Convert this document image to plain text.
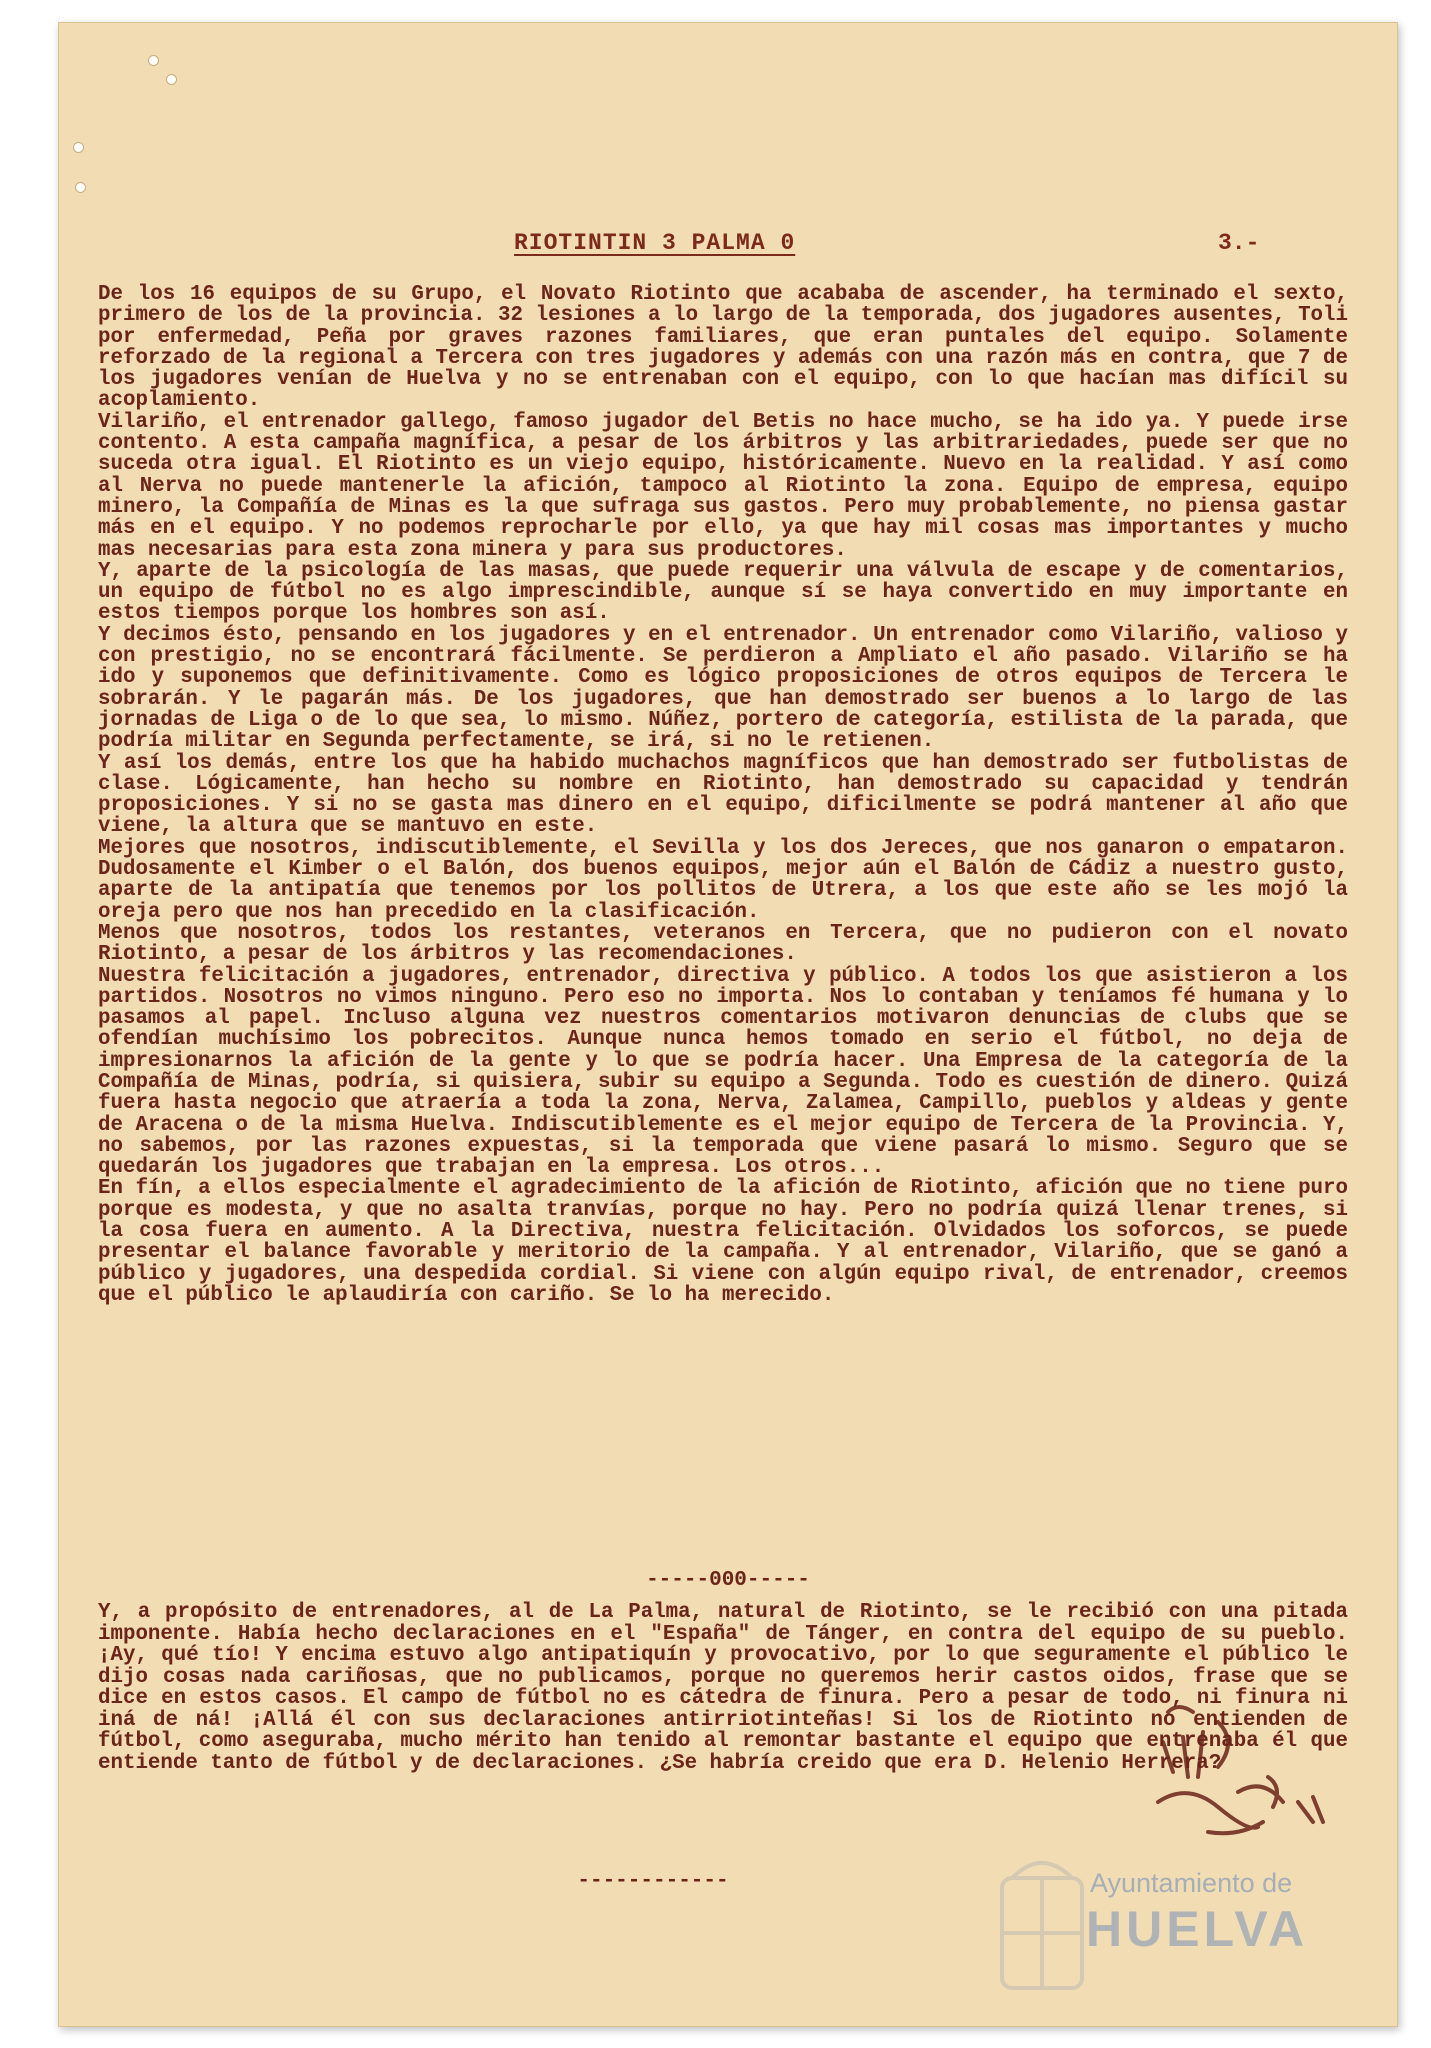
RIOTINTIN 3 PALMA 0	3.-

De los 16 equipos de su Grupo, el Novato Riotinto que acababa de ascender, ha terminado el sexto, primero de los de la provincia. 32 lesiones a lo largo de la temporada, dos jugadores ausentes, Toli por enfermedad, Peña por graves razones familiares, que eran puntales del equipo. Solamente reforzado de la regional a Tercera con tres jugadores y además con una razón más en contra, que 7 de los jugadores venían de Huelva y no se entrenaban con el equipo, con lo que hacían mas difícil su acoplamiento.

Vilariño, el entrenador gallego, famoso jugador del Betis no hace mucho, se ha ido ya. Y puede irse contento. A esta campaña magnífica, a pesar de los árbitros y las arbitrariedades, puede ser que no suceda otra igual. El Riotinto es un viejo equipo, históricamente. Nuevo en la realidad. Y así como al Nerva no puede mantenerle la afición, tampoco al Riotinto la zona. Equipo de empresa, equipo minero, la Compañía de Minas es la que sufraga sus gastos. Pero muy probablemente, no piensa gastar más en el equipo. Y no podemos reprocharle por ello, ya que hay mil cosas mas importantes y mucho mas necesarias para esta zona minera y para sus productores.

Y, aparte de la psicología de las masas, que puede requerir una válvula de escape y de comentarios, un equipo de fútbol no es algo imprescindible, aunque sí se haya convertido en muy importante en estos tiempos porque los hombres son así.

Y decimos ésto, pensando en los jugadores y en el entrenador. Un entrenador como Vilariño, valioso y con prestigio, no se encontrará fácilmente. Se perdieron a Ampliato el año pasado. Vilariño se ha ido y suponemos que definitivamente. Como es lógico proposiciones de otros equipos de Tercera le sobrarán. Y le pagarán más. De los jugadores, que han demostrado ser buenos a lo largo de las jornadas de Liga o de lo que sea, lo mismo. Núñez, portero de categoría, estilista de la parada, que podría militar en Segunda perfectamente, se irá, si no le retienen.

Y así los demás, entre los que ha habido muchachos magníficos que han demostrado ser futbolistas de clase. Lógicamente, han hecho su nombre en Riotinto, han demostrado su capacidad y tendrán proposiciones. Y si no se gasta mas dinero en el equipo, dificilmente se podrá mantener al año que viene, la altura que se mantuvo en este.

Mejores que nosotros, indiscutiblemente, el Sevilla y los dos Jereces, que nos ganaron o empataron. Dudosamente el Kimber o el Balón, dos buenos equipos, mejor aún el Balón de Cádiz a nuestro gusto, aparte de la antipatía que tenemos por los pollitos de Utrera, a los que este año se les mojó la oreja pero que nos han precedido en la clasificación.

Menos que nosotros, todos los restantes, veteranos en Tercera, que no pudieron con el novato Riotinto, a pesar de los árbitros y las recomendaciones.

Nuestra felicitación a jugadores, entrenador, directiva y público. A todos los que asistieron a los partidos. Nosotros no vimos ninguno. Pero eso no importa. Nos lo contaban y teníamos fé humana y lo pasamos al papel. Incluso alguna vez nuestros comentarios motivaron denuncias de clubs que se ofendían muchísimo los pobrecitos. Aunque nunca hemos tomado en serio el fútbol, no deja de impresionarnos la afición de la gente y lo que se podría hacer. Una Empresa de la categoría de la Compañía de Minas, podría, si quisiera, subir su equipo a Segunda. Todo es cuestión de dinero. Quizá fuera hasta negocio que atraería a toda la zona, Nerva, Zalamea, Campillo, pueblos y aldeas y gente de Aracena o de la misma Huelva. Indiscutiblemente es el mejor equipo de Tercera de la Provincia. Y, no sabemos, por las razones expuestas, si la temporada que viene pasará lo mismo. Seguro que se quedarán los jugadores que trabajan en la empresa. Los otros...

En fín, a ellos especialmente el agradecimiento de la afición de Riotinto, afición que no tiene puro porque es modesta, y que no asalta tranvías, porque no hay. Pero no podría quizá llenar trenes, si la cosa fuera en aumento. A la Directiva, nuestra felicitación. Olvidados los soforcos, se puede presentar el balance favorable y meritorio de la campaña. Y al entrenador, Vilariño, que se ganó a público y jugadores, una despedida cordial. Si viene con algún equipo rival, de entrenador, creemos que el público le aplaudiría con cariño. Se lo ha merecido.

-----000-----

Y, a propósito de entrenadores, al de La Palma, natural de Riotinto, se le recibió con una pitada imponente. Había hecho declaraciones en el "España" de Tánger, en contra del equipo de su pueblo. ¡Ay, qué tío! Y encima estuvo algo antipatiquín y provocativo, por lo que seguramente el público le dijo cosas nada cariñosas, que no publicamos, porque no queremos herir castos oidos, frase que se dice en estos casos. El campo de fútbol no es cátedra de finura. Pero a pesar de todo, ni finura ni iná de ná! ¡Allá él con sus declaraciones antirriotinteñas! Si los de Riotinto no entienden de fútbol, como aseguraba, mucho mérito han tenido al remontar bastante el equipo que entrenaba él que entiende tanto de fútbol y de declaraciones. ¿Se habría creido que era D. Helenio Herrera?

------------	Ayuntamiento de
HUELVA
